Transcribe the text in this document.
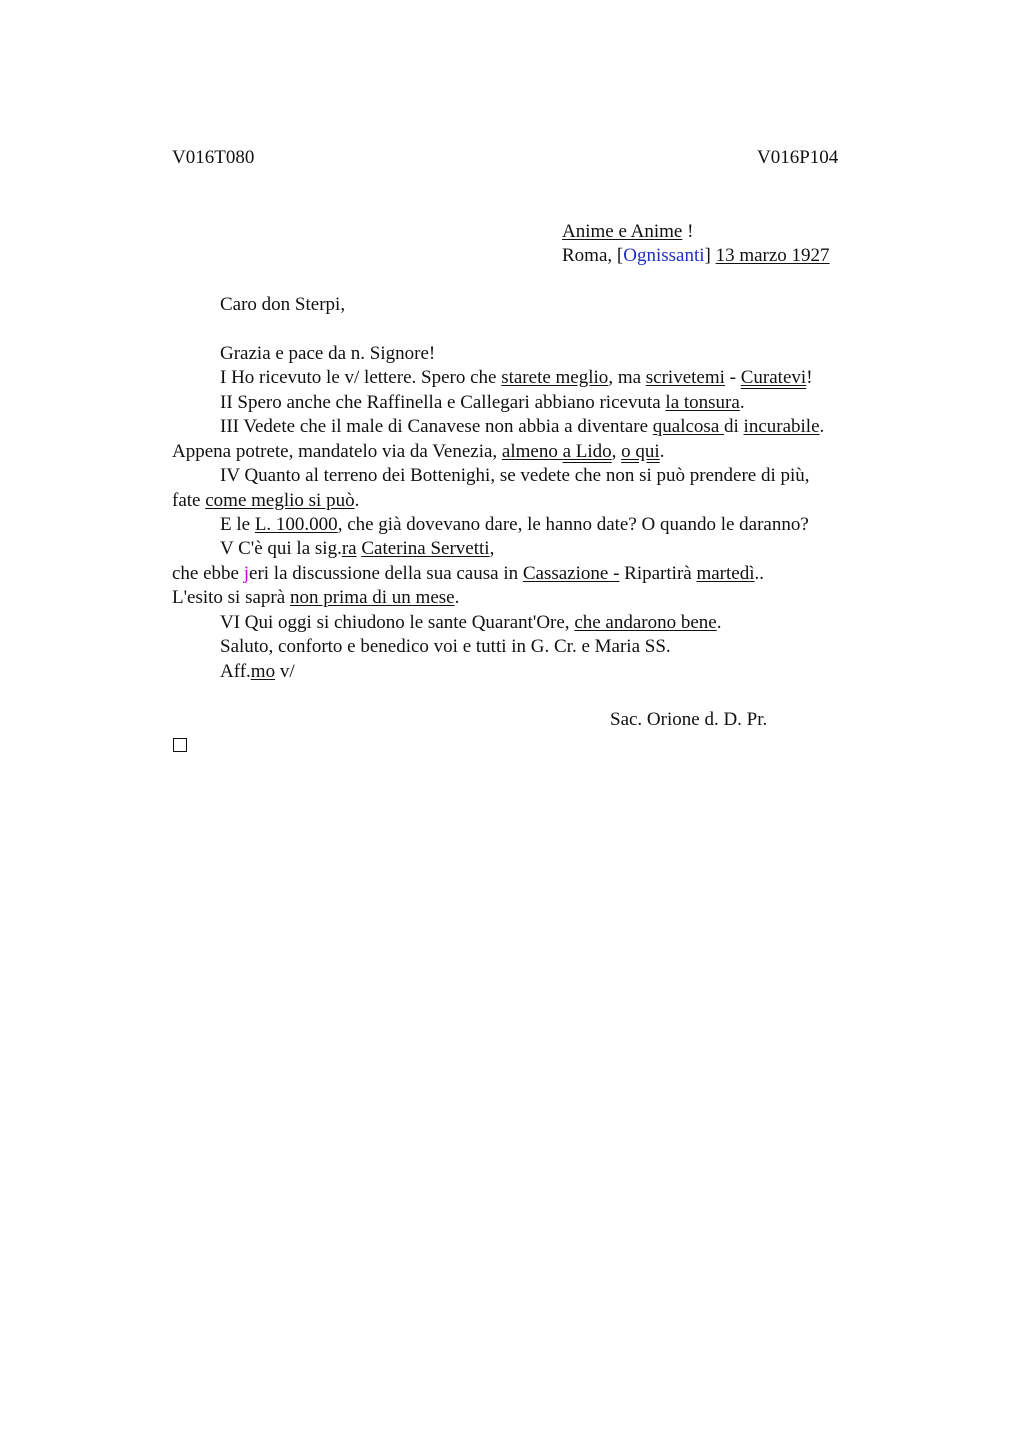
V016T080	V016P104
Anime e Anime !
Roma, [Ognissanti] 13 marzo 1927
Caro don Sterpi,
Grazia e pace da n. Signore!
I Ho ricevuto le v/ lettere. Spero che starete meglio, ma scrivetemi - Curatevi!
II Spero anche che Raffinella e Callegari abbiano ricevuta la tonsura.
III Vedete che il male di Canavese non abbia a diventare qualcosa di incurabile.
Appena potrete, mandatelo via da Venezia, almeno a Lido, o qui.
IV Quanto al terreno dei Bottenighi, se vedete che non si può prendere di più,
fate come meglio si può.
E le L. 100.000, che già dovevano dare, le hanno date? O quando le daranno?
V C'è qui la sig.ra Caterina Servetti,
che ebbe jeri la discussione della sua causa in Cassazione - Ripartirà martedì..
L'esito si saprà non prima di un mese.
VI Qui oggi si chiudono le sante Quarant'Ore, che andarono bene.
Saluto, conforto e benedico voi e tutti in G. Cr. e Maria SS.
Aff.mo v/
Sac. Orione d. D. Pr.
